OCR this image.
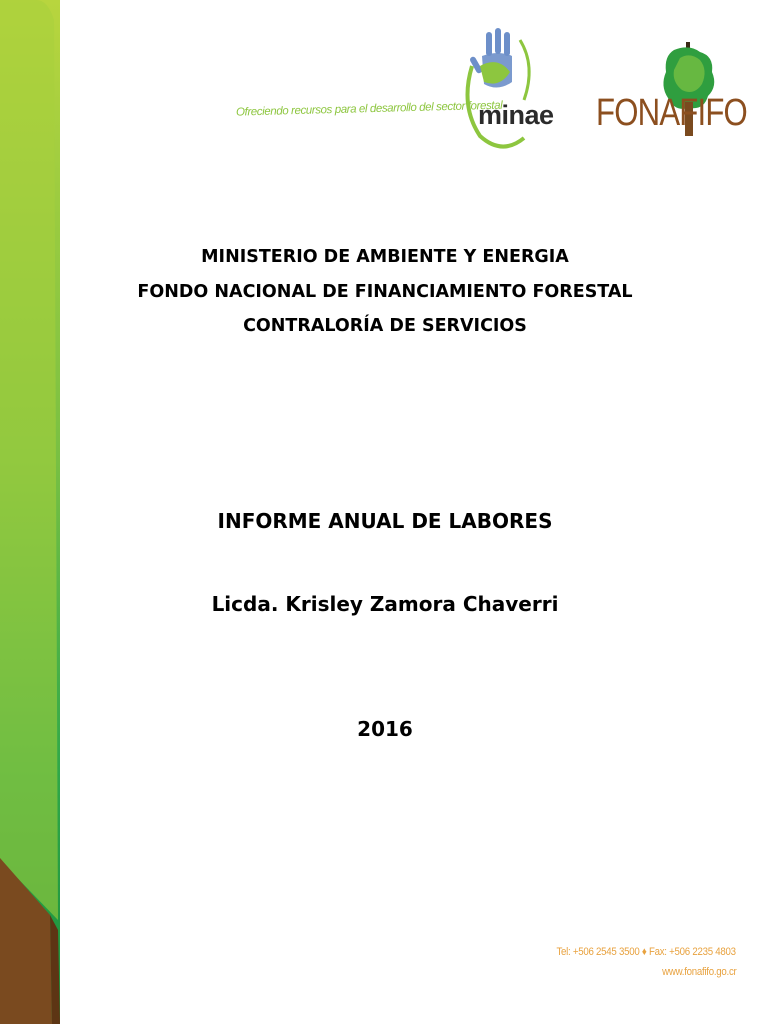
Ofreciendo recursos para el desarrollo del sector forestal
minae FONAFIFO
MINISTERIO DE AMBIENTE Y ENERGIA
FONDO NACIONAL DE FINANCIAMIENTO FORESTAL
CONTRALORÍA DE SERVICIOS
INFORME ANUAL DE LABORES
Licda. Krisley Zamora Chaverri
2016
Tel: +506 2545 3500 ♦ Fax: +506 2235 4803
www.fonafifo.go.cr
